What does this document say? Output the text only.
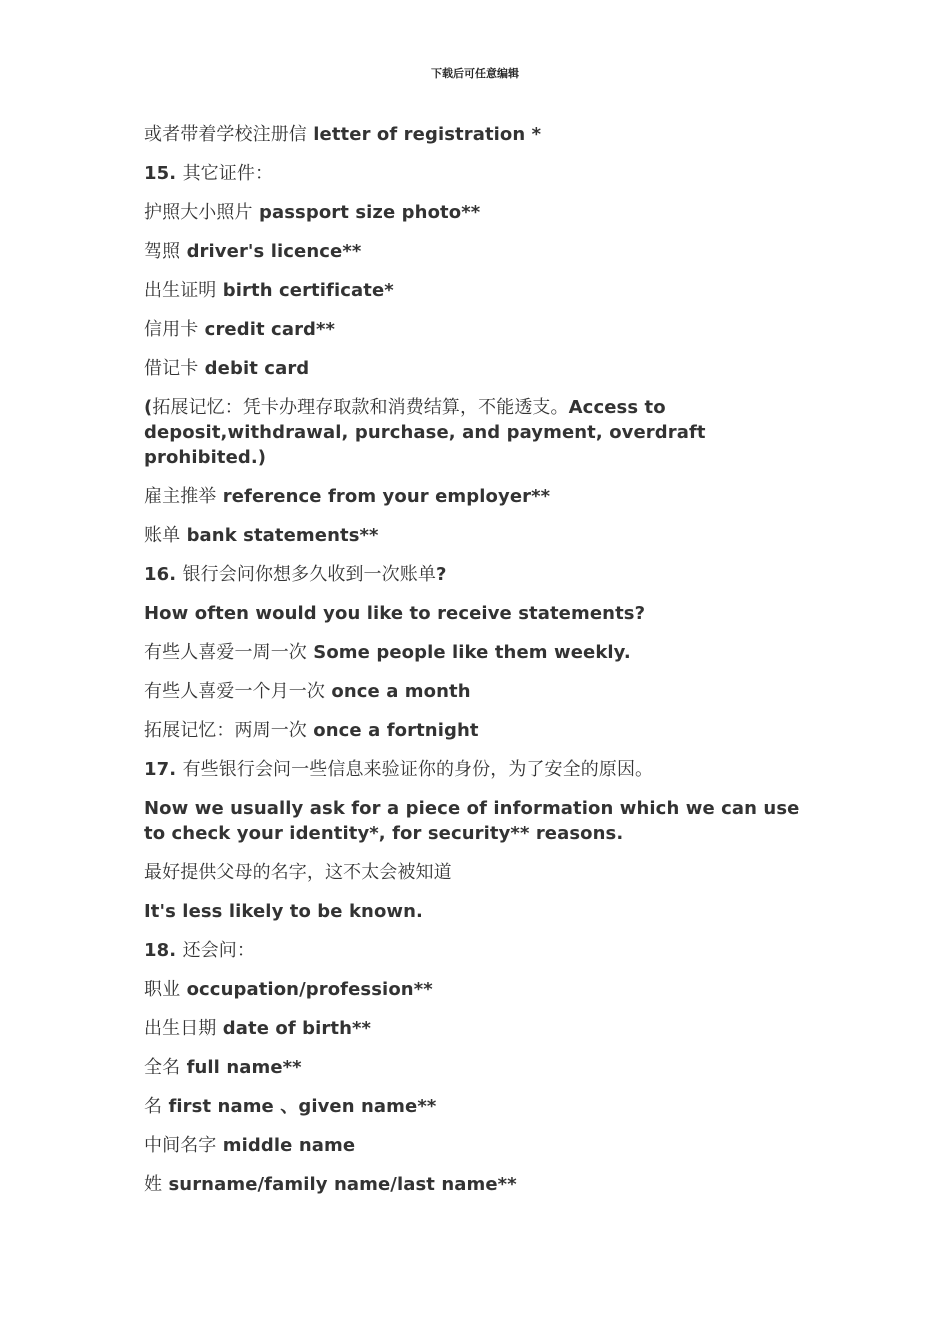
下载后可任意编辑

或者带着学校注册信 letter of registration *

15. 其它证件：

护照大小照片 passport size photo**

驾照 driver's licence**

出生证明 birth certificate*

信用卡 credit card**

借记卡 debit card

(拓展记忆：凭卡办理存取款和消费结算，不能透支。Access to deposit,withdrawal, purchase, and payment, overdraft prohibited.)

雇主推举 reference from your employer**

账单 bank statements**

16. 银行会问你想多久收到一次账单?

How often would you like to receive statements?

有些人喜爱一周一次 Some people like them weekly.

有些人喜爱一个月一次 once a month

拓展记忆：两周一次 once a fortnight

17. 有些银行会问一些信息来验证你的身份，为了安全的原因。

Now we usually ask for a piece of information which we can use to check your identity*, for security** reasons.

最好提供父母的名字，这不太会被知道

It's less likely to be known.

18. 还会问：

职业 occupation/profession**

出生日期 date of birth**

全名 full name**

名 first name 、given name**

中间名字 middle name

姓 surname/family name/last name**
